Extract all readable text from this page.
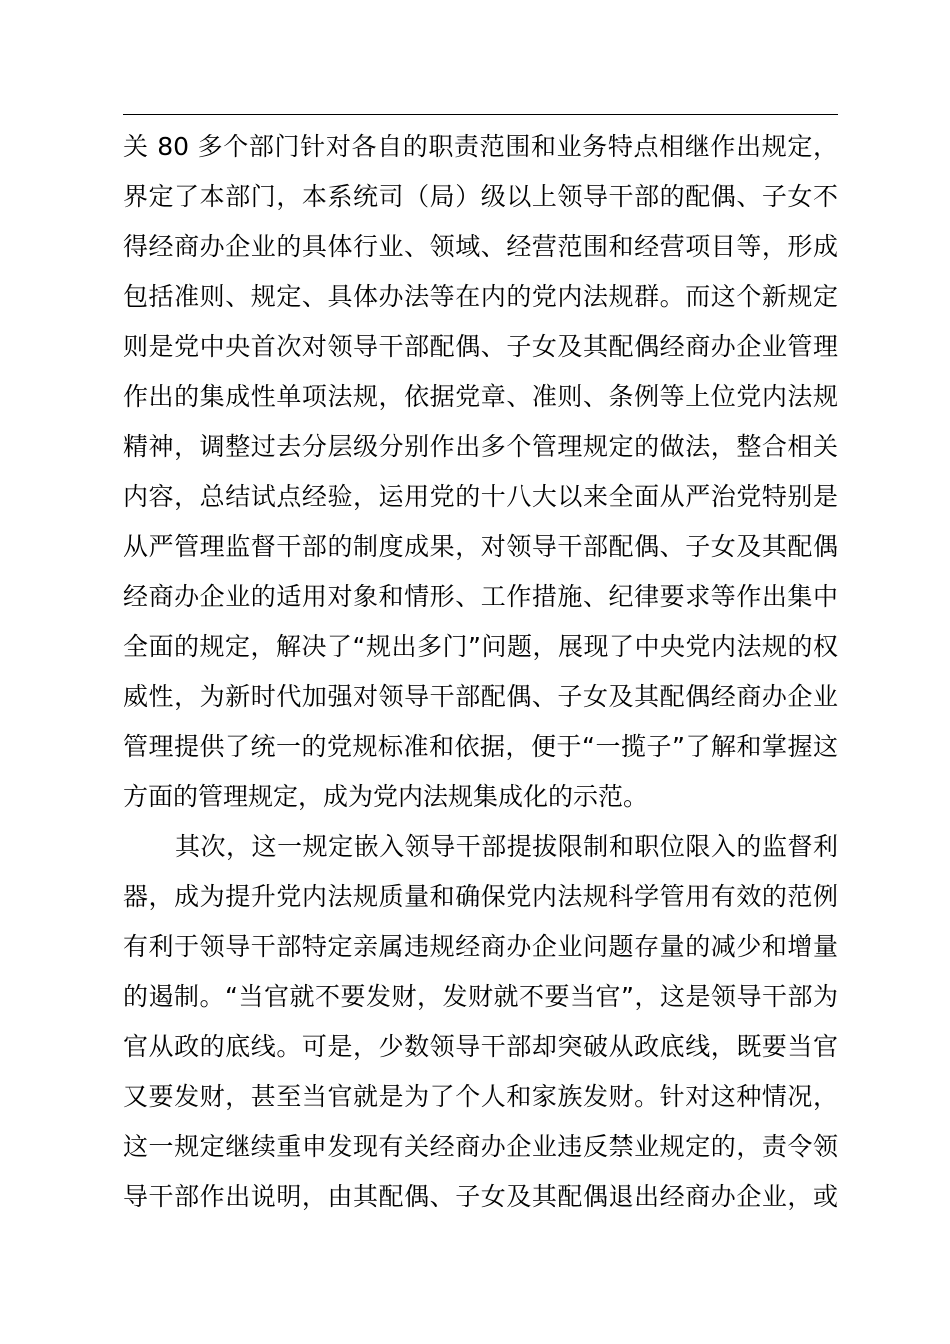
关 80 多个部门针对各自的职责范围和业务特点相继作出规定，
界定了本部门，本系统司（局）级以上领导干部的配偶、子女不
得经商办企业的具体行业、领域、经营范围和经营项目等，形成
包括准则、规定、具体办法等在内的党内法规群。而这个新规定
则是党中央首次对领导干部配偶、子女及其配偶经商办企业管理
作出的集成性单项法规，依据党章、准则、条例等上位党内法规
精神，调整过去分层级分别作出多个管理规定的做法，整合相关
内容，总结试点经验，运用党的十八大以来全面从严治党特别是
从严管理监督干部的制度成果，对领导干部配偶、子女及其配偶
经商办企业的适用对象和情形、工作措施、纪律要求等作出集中
全面的规定，解决了“规出多门”问题，展现了中央党内法规的权
威性，为新时代加强对领导干部配偶、子女及其配偶经商办企业
管理提供了统一的党规标准和依据，便于“一揽子”了解和掌握这
方面的管理规定，成为党内法规集成化的示范。
其次，这一规定嵌入领导干部提拔限制和职位限入的监督利
器，成为提升党内法规质量和确保党内法规科学管用有效的范例
有利于领导干部特定亲属违规经商办企业问题存量的减少和增量
的遏制。“当官就不要发财，发财就不要当官”，这是领导干部为
官从政的底线。可是，少数领导干部却突破从政底线，既要当官
又要发财，甚至当官就是为了个人和家族发财。针对这种情况，
这一规定继续重申发现有关经商办企业违反禁业规定的，责令领
导干部作出说明，由其配偶、子女及其配偶退出经商办企业，或
